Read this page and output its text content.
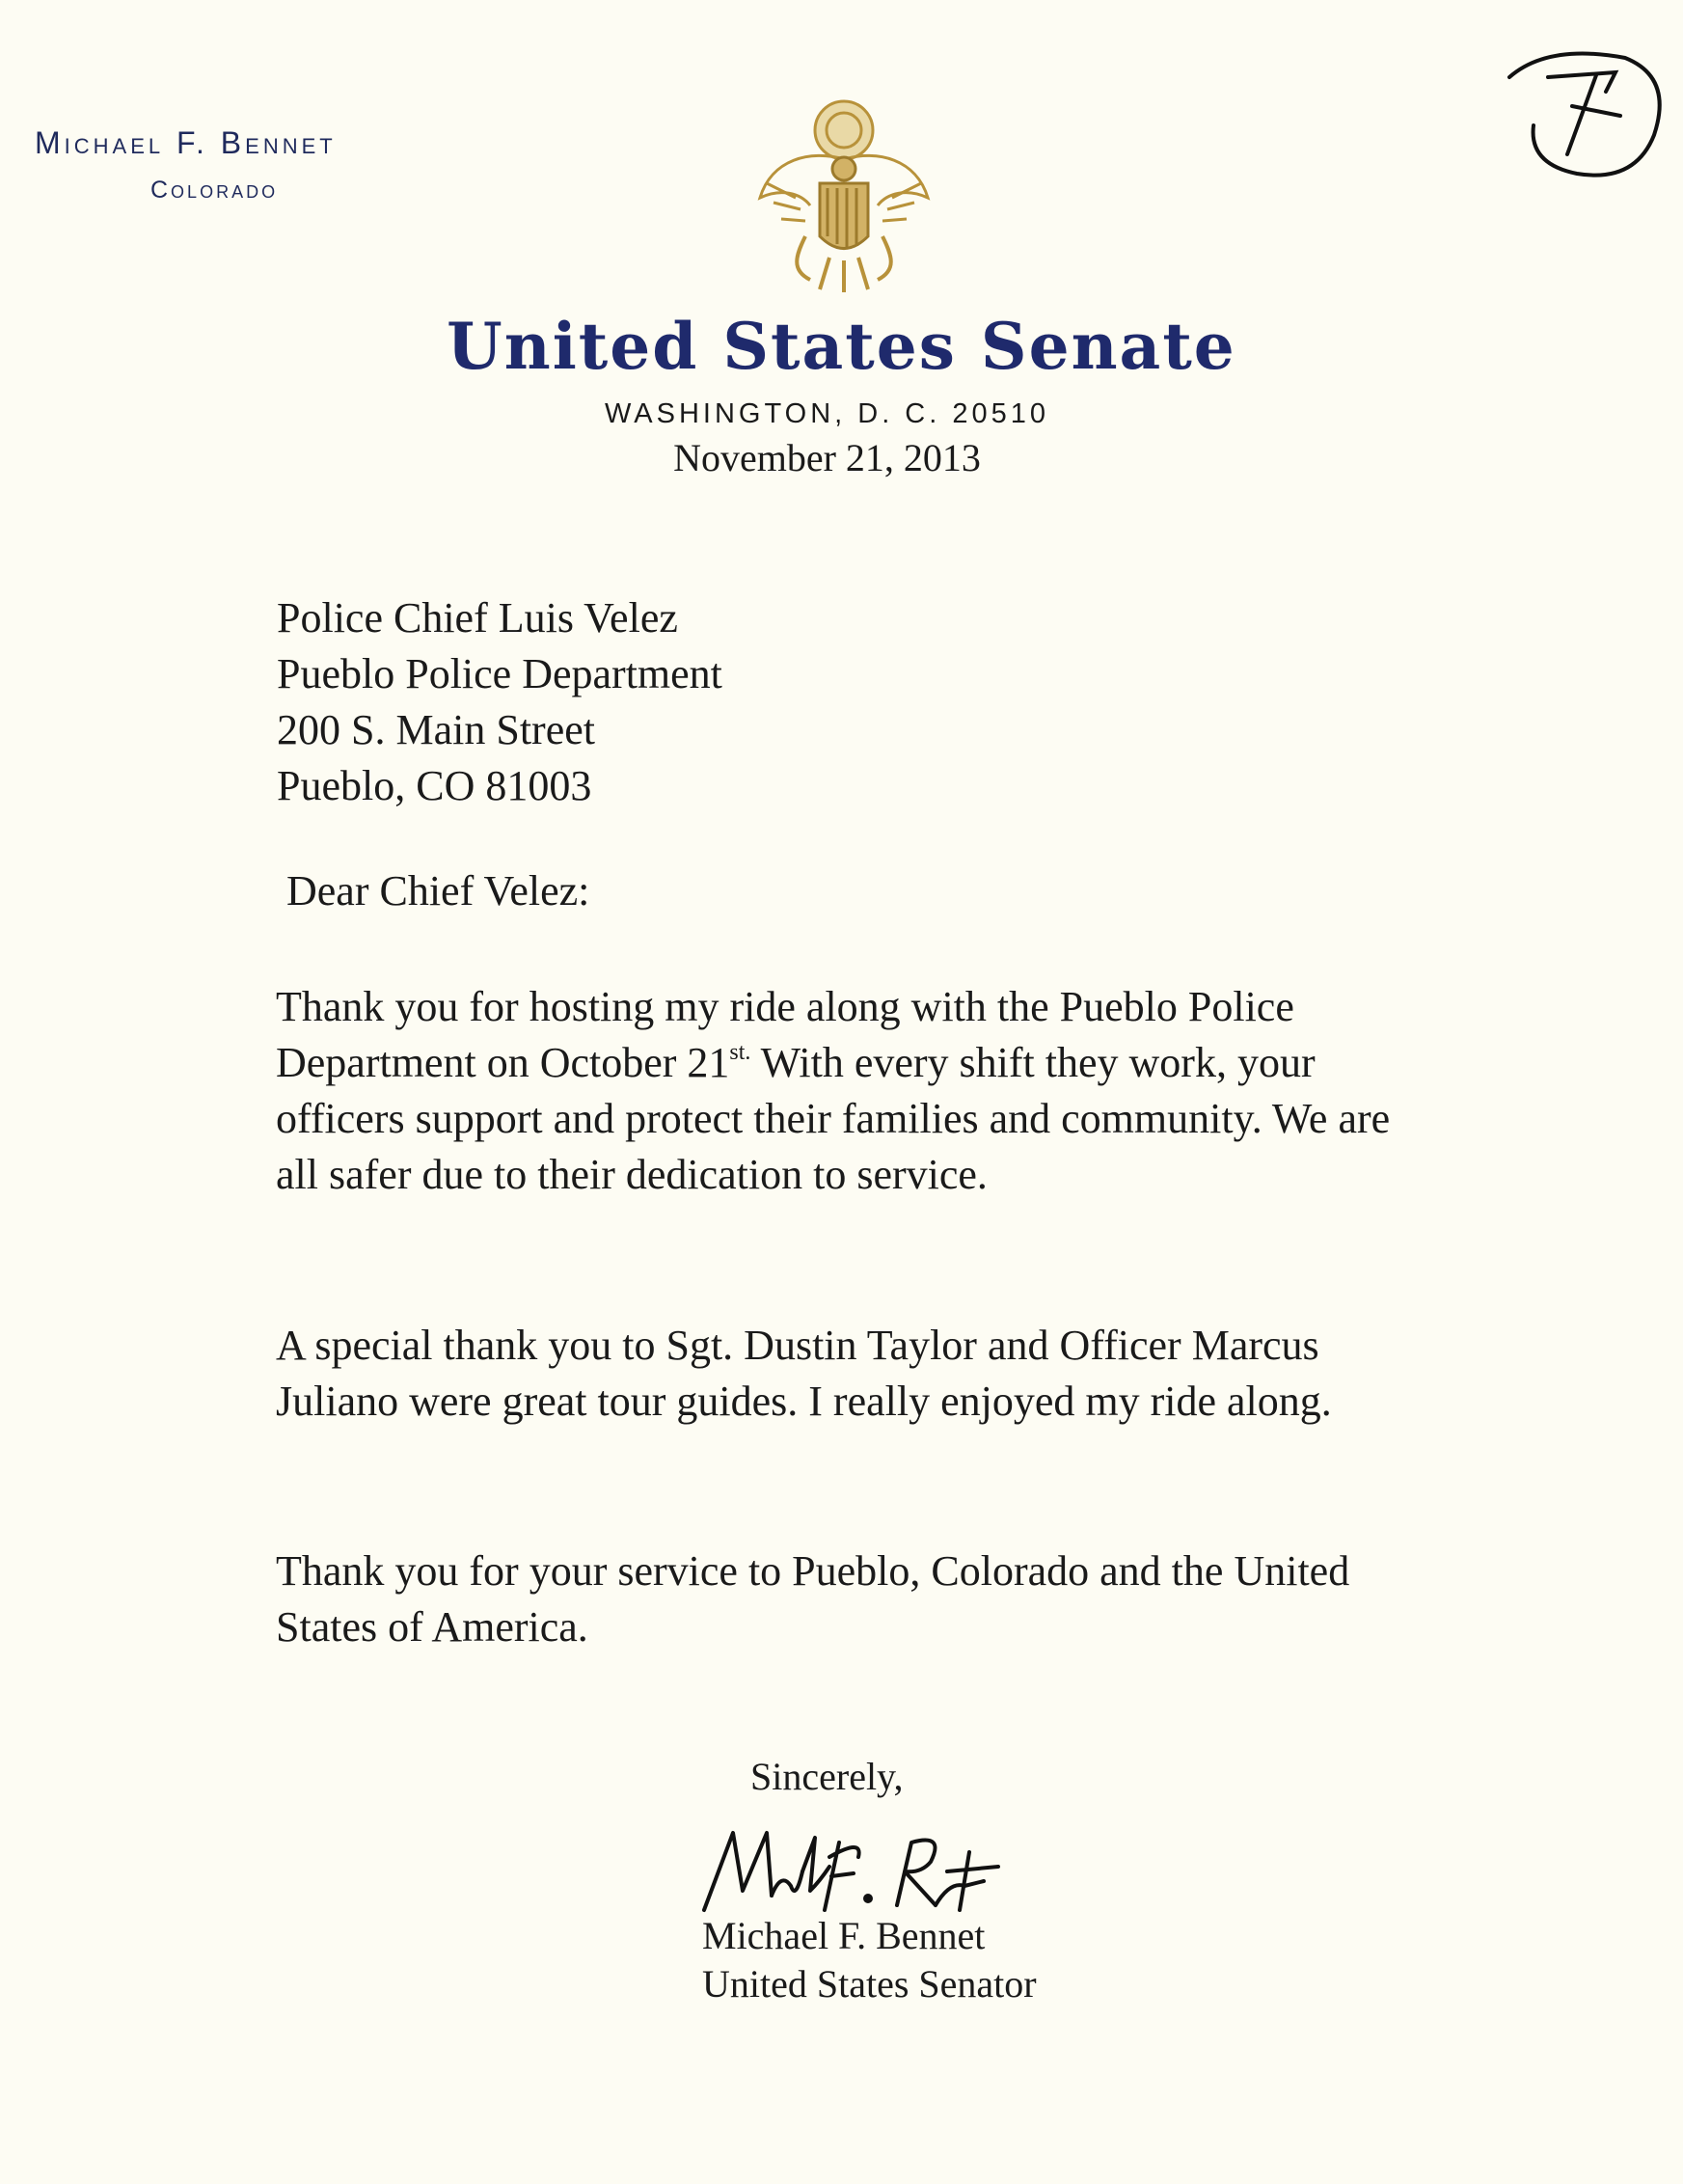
Michael F. Bennet
Colorado
United States Senate
WASHINGTON, D. C. 20510
November 21, 2013
Police Chief Luis Velez
Pueblo Police Department
200 S. Main Street
Pueblo, CO 81003
Dear Chief Velez:
Thank you for hosting my ride along with the Pueblo Police Department on October $21^{st.}$ With every shift they work, your officers support and protect their families and community. We are all safer due to their dedication to service.
A special thank you to Sgt. Dustin Taylor and Officer Marcus Juliano were great tour guides. I really enjoyed my ride along.
Thank you for your service to Pueblo, Colorado and the United States of America.
Sincerely,
Michael F. Bennet
United States Senator
